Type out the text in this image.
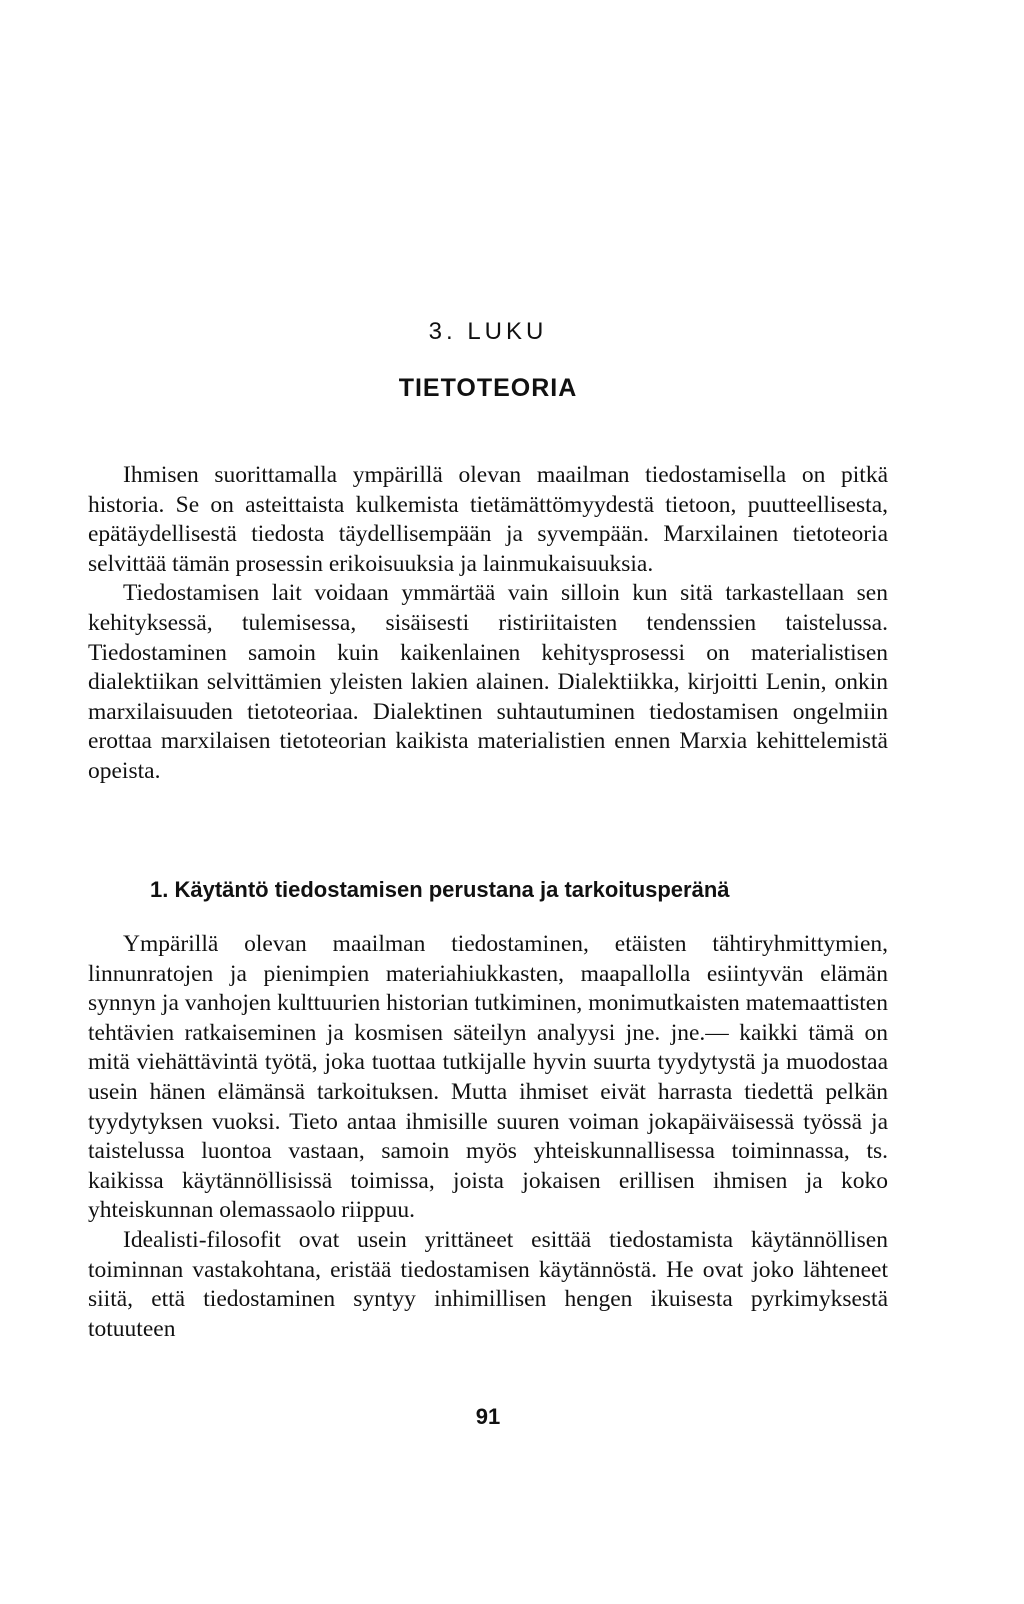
3. LUKU

TIETOTEORIA

Ihmisen suorittamalla ympärillä olevan maailman tiedostamisella on pitkä historia. Se on asteittaista kulkemista tietämättömyydestä tietoon, puutteellisesta, epätäydellisestä tiedosta täydellisempään ja syvempään. Marxilainen tietoteoria selvittää tämän prosessin erikoisuuksia ja lainmukaisuuksia.

Tiedostamisen lait voidaan ymmärtää vain silloin kun sitä tarkastellaan sen kehityksessä, tulemisessa, sisäisesti ristiriitaisten tendenssien taistelussa. Tiedostaminen samoin kuin kaikenlainen kehitysprosessi on materialistisen dialektiikan selvittämien yleisten lakien alainen. Dialektiikka, kirjoitti Lenin, onkin marxilaisuuden tietoteoriaa. Dialektinen suhtautuminen tiedostamisen ongelmiin erottaa marxilaisen tietoteorian kaikista materialistien ennen Marxia kehittelemistä opeista.

1. Käytäntö tiedostamisen perustana ja tarkoitusperänä

Ympärillä olevan maailman tiedostaminen, etäisten tähtiryhmittymien, linnunratojen ja pienimpien materiahiukkasten, maapallolla esiintyvän elämän synnyn ja vanhojen kulttuurien historian tutkiminen, monimutkaisten matemaattisten tehtävien ratkaiseminen ja kosmisen säteilyn analyysi jne. jne.— kaikki tämä on mitä viehättävintä työtä, joka tuottaa tutkijalle hyvin suurta tyydytystä ja muodostaa usein hänen elämänsä tarkoituksen. Mutta ihmiset eivät harrasta tiedettä pelkän tyydytyksen vuoksi. Tieto antaa ihmisille suuren voiman jokapäiväisessä työssä ja taistelussa luontoa vastaan, samoin myös yhteiskunnallisessa toiminnassa, ts. kaikissa käytännöllisissä toimissa, joista jokaisen erillisen ihmisen ja koko yhteiskunnan olemassaolo riippuu.

Idealisti-filosofit ovat usein yrittäneet esittää tiedostamista käytännöllisen toiminnan vastakohtana, eristää tiedostamisen käytännöstä. He ovat joko lähteneet siitä, että tiedostaminen syntyy inhimillisen hengen ikuisesta pyrkimyksestä totuuteen

91
